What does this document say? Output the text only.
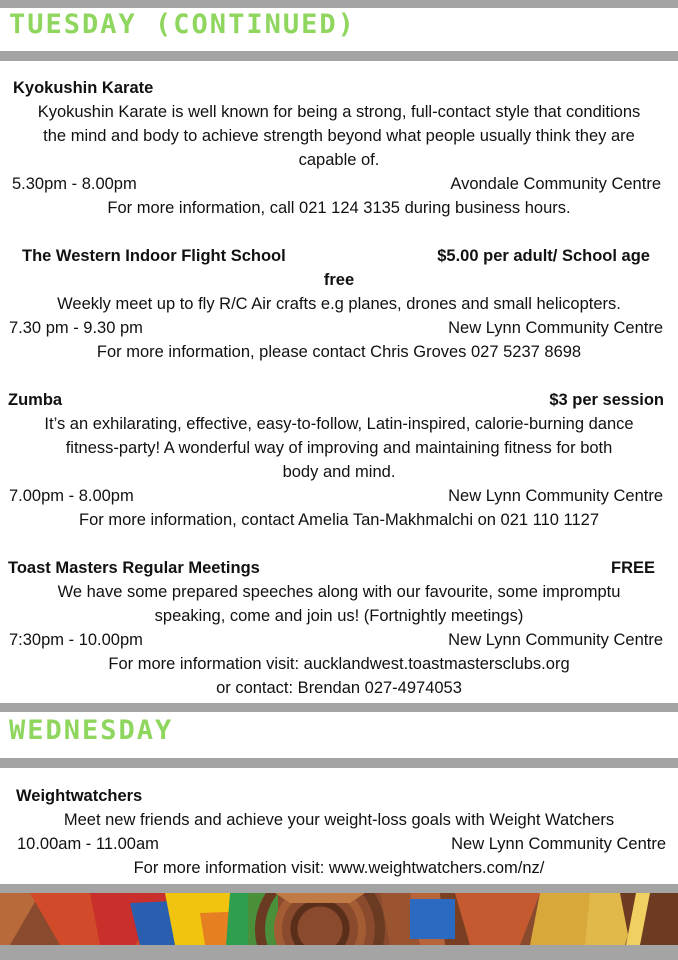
TUESDAY (CONTINUED)
Kyokushin Karate
Kyokushin Karate is well known for being a strong, full-contact style that conditions
the mind and body to achieve strength beyond what people usually think they are
capable of.
5.30pm - 8.00pm	Avondale Community Centre
For more information, call 021 124 3135 during business hours.
The Western Indoor Flight School	$5.00 per adult/ School age
free
Weekly meet up to fly R/C Air crafts e.g planes, drones and small helicopters.
7.30 pm - 9.30 pm	New Lynn Community Centre
For more information, please contact Chris Groves 027 5237 8698
Zumba	$3 per session
It’s an exhilarating, effective, easy-to-follow, Latin-inspired, calorie-burning dance
fitness-party! A wonderful way of improving and maintaining fitness for both
body and mind.
7.00pm - 8.00pm	New Lynn Community Centre
For more information, contact Amelia Tan-Makhmalchi on 021 110 1127
Toast Masters Regular Meetings	FREE
We have some prepared speeches along with our favourite, some impromptu
speaking, come and join us! (Fortnightly meetings)
7:30pm - 10.00pm	New Lynn Community Centre
For more information visit: aucklandwest.toastmastersclubs.org
or contact: Brendan 027-4974053
WEDNESDAY
Weightwatchers
Meet new friends and achieve your weight-loss goals with Weight Watchers
10.00am - 11.00am	New Lynn Community Centre
For more information visit: www.weightwatchers.com/nz/
